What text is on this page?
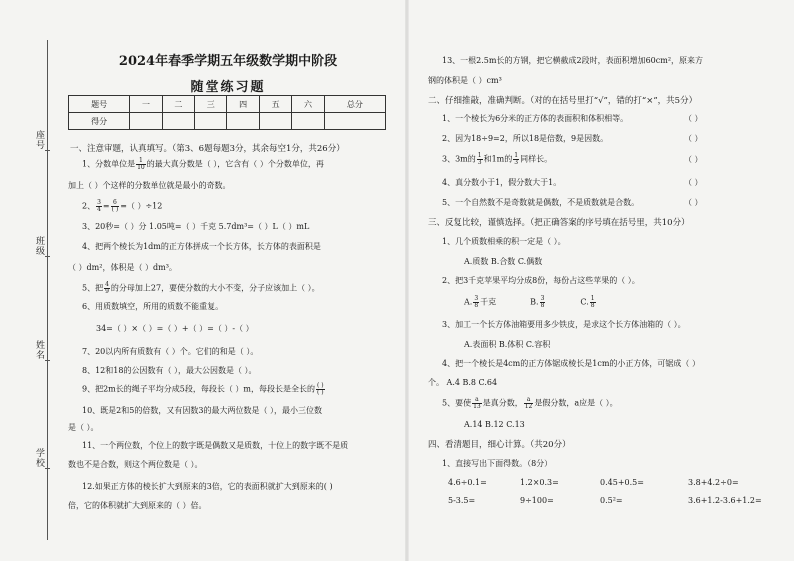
座号
班级
姓名
学校
2024年春季学期五年级数学期中阶段
随堂练习题
题号	一	二	三	四	五	六	总分
得分							
一、注意审题，认真填写。（第3、6题每题3分，其余每空1分，共26分）
1、分数单位是 $\frac{1}{10}$ 的最大真分数是（ ），它含有（ ）个分数单位，再
加上（ ）个这样的分数单位就是最小的奇数。
2、 $\frac{3}{4} = \frac{6}{( )}$ =（ ）÷12
3、20秒=（ ）分 1.05吨=（ ）千克 5.7dm³=（ ）L（ ）mL
4、把两个棱长为1dm的正方体拼成一个长方体，长方体的表面积是
（ ）dm²，体积是（ ）dm³。
5、把 $\frac{4}{9}$ 的分母加上27，要使分数的大小不变，分子应该加上（ ）。
6、用质数填空，所用的质数不能重复。
34=（ ）×（ ）=（ ）+（ ）=（ ）-（ ）
7、20以内所有质数有（ ）个。它们的和是（ ）。
8、12和18的公因数有（ ），最大公因数是（ ）。
9、把2m长的绳子平均分成5段，每段长（ ）m，每段长是全长的 $\frac{( )}{( )}$
10、既是2和5的倍数，又有因数3的最大两位数是（ ），最小三位数
是（ ）。
11、一个两位数，个位上的数字既是偶数又是质数，十位上的数字既不是质
数也不是合数，则这个两位数是（ ）。
12.如果正方体的棱长扩大到原来的3倍，它的表面积就扩大到原来的( )
倍，它的体积就扩大到原来的（ ）倍。
13、一根2.5m长的方钢，把它横截成2段时，表面积增加60cm²，原来方
钢的体积是（ ）cm³
二、仔细推敲，准确判断。（对的在括号里打“√”，错的打“×”，共5分）
1、一个棱长为6分米的正方体的表面积和体积相等。	（ ）
2、因为18÷9=2，所以18是倍数，9是因数。	（ ）
3、3m的 $\frac{1}{3}$ 和1m的 $\frac{1}{3}$ 同样长。	（ ）
4、真分数小于1，假分数大于1。	（ ）
5、一个自然数不是奇数就是偶数，不是质数就是合数。	（ ）
三、反复比较，谨慎选择。（把正确答案的序号填在括号里，共10分）
1、几个质数相乘的积一定是（ ）。
A.质数 B.合数 C.偶数
2、把3千克苹果平均分成8份，每份占这些苹果的（ ）。
A. $\frac{3}{8}$ 千克	B. $\frac{3}{8}$	C. $\frac{1}{8}$
3、加工一个长方体油箱要用多少铁皮，是求这个长方体油箱的（ ）。
A.表面积 B.体积 C.容积
4、把一个棱长是4cm的正方体锯成棱长是1cm的小正方体，可锯成（ ）
个。 A.4 B.8 C.64
5、要使 $\frac{a}{13}$ 是真分数， $\frac{a}{12}$ 是假分数，a应是（ ）。
A.14 B.12 C.13
四、看清题目，细心计算。（共20分）
1、直接写出下面得数。（8分）
4.6÷0.1=	1.2×0.3=	0.45+0.5=	3.8+4.2÷0=
5-3.5=	9÷100=	0.5²=	3.6+1.2-3.6+1.2=
